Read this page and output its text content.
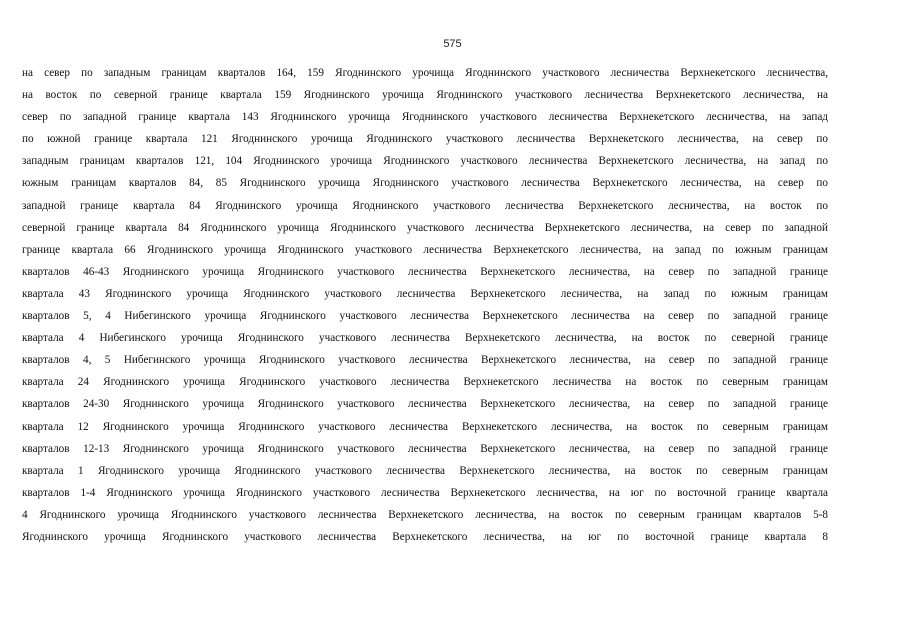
575
на север по западным границам кварталов 164, 159 Ягоднинского урочища Ягоднинского участкового лесничества Верхнекетского лесничества,
на восток по северной границе квартала 159 Ягоднинского урочища Ягоднинского участкового лесничества Верхнекетского лесничества, на
север по западной границе квартала 143 Ягоднинского урочища Ягоднинского участкового лесничества Верхнекетского лесничества, на запад
по южной границе квартала 121 Ягоднинского урочища Ягоднинского участкового лесничества Верхнекетского лесничества, на север по
западным границам кварталов 121, 104 Ягоднинского урочища Ягоднинского участкового лесничества Верхнекетского лесничества, на запад по
южным границам кварталов 84, 85 Ягоднинского урочища Ягоднинского участкового лесничества Верхнекетского лесничества, на север по
западной границе квартала 84 Ягоднинского урочища Ягоднинского участкового лесничества Верхнекетского лесничества, на восток по
северной границе квартала 84 Ягоднинского урочища Ягоднинского участкового лесничества Верхнекетского лесничества, на север по западной
границе квартала 66 Ягоднинского урочища Ягоднинского участкового лесничества Верхнекетского лесничества, на запад по южным границам
кварталов 46-43 Ягоднинского урочища Ягоднинского участкового лесничества Верхнекетского лесничества, на север по западной границе
квартала 43 Ягоднинского урочища Ягоднинского участкового лесничества Верхнекетского лесничества, на запад по южным границам
кварталов 5, 4 Нибегинского урочища Ягоднинского участкового лесничества Верхнекетского лесничества на север по западной границе
квартала 4 Нибегинского урочища Ягоднинского участкового лесничества Верхнекетского лесничества, на восток по северной границе
кварталов 4, 5 Нибегинского урочища Ягоднинского участкового лесничества Верхнекетского лесничества, на север по западной границе
квартала 24 Ягоднинского урочища Ягоднинского участкового лесничества Верхнекетского лесничества на восток по северным границам
кварталов 24-30 Ягоднинского урочища Ягоднинского участкового лесничества Верхнекетского лесничества, на север по западной границе
квартала 12 Ягоднинского урочища Ягоднинского участкового лесничества Верхнекетского лесничества, на восток по северным границам
кварталов 12-13 Ягоднинского урочища Ягоднинского участкового лесничества Верхнекетского лесничества, на север по западной границе
квартала 1 Ягоднинского урочища Ягоднинского участкового лесничества Верхнекетского лесничества, на восток по северным границам
кварталов 1-4 Ягоднинского урочища Ягоднинского участкового лесничества Верхнекетского лесничества, на юг по восточной границе квартала
4 Ягоднинского урочища Ягоднинского участкового лесничества Верхнекетского лесничества, на восток по северным границам кварталов 5-8
Ягоднинского урочища Ягоднинского участкового лесничества Верхнекетского лесничества, на юг по восточной границе квартала 8
